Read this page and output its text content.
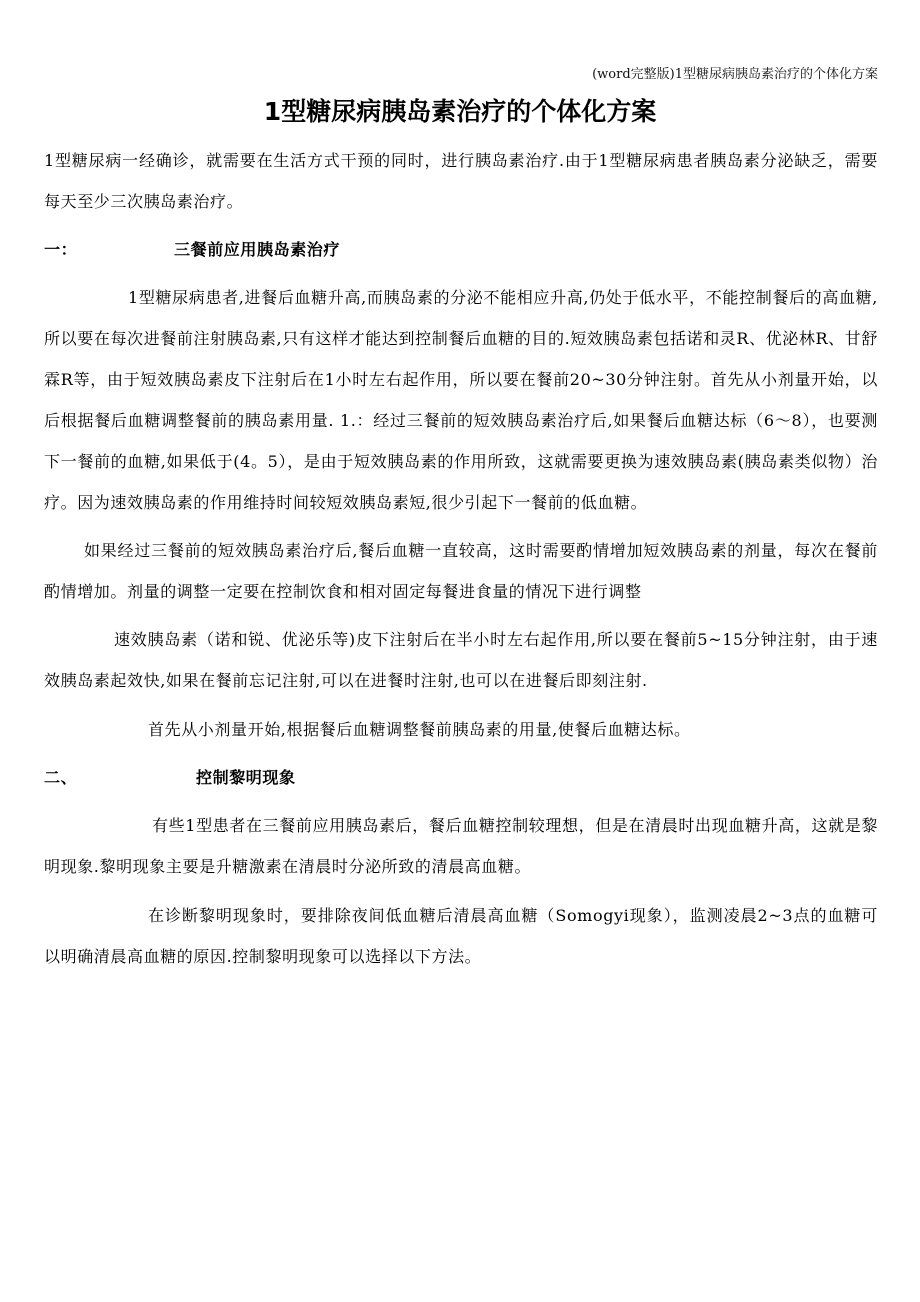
(word完整版)1型糖尿病胰岛素治疗的个体化方案
1型糖尿病胰岛素治疗的个体化方案

1型糖尿病一经确诊，就需要在生活方式干预的同时，进行胰岛素治疗.由于1型糖尿病患者胰岛素分泌缺乏，需要每天至少三次胰岛素治疗。

一：	三餐前应用胰岛素治疗

1型糖尿病患者,进餐后血糖升高,而胰岛素的分泌不能相应升高,仍处于低水平，不能控制餐后的高血糖,所以要在每次进餐前注射胰岛素,只有这样才能达到控制餐后血糖的目的.短效胰岛素包括诺和灵R、优泌林R、甘舒霖R等，由于短效胰岛素皮下注射后在1小时左右起作用，所以要在餐前20~30分钟注射。首先从小剂量开始，以后根据餐后血糖调整餐前的胰岛素用量. 1.：经过三餐前的短效胰岛素治疗后,如果餐后血糖达标（6～8），也要测下一餐前的血糖,如果低于(4。5），是由于短效胰岛素的作用所致，这就需要更换为速效胰岛素(胰岛素类似物）治疗。因为速效胰岛素的作用维持时间较短效胰岛素短,很少引起下一餐前的低血糖。

如果经过三餐前的短效胰岛素治疗后,餐后血糖一直较高，这时需要酌情增加短效胰岛素的剂量，每次在餐前酌情增加。剂量的调整一定要在控制饮食和相对固定每餐进食量的情况下进行调整

速效胰岛素（诺和锐、优泌乐等)皮下注射后在半小时左右起作用,所以要在餐前5~15分钟注射，由于速效胰岛素起效快,如果在餐前忘记注射,可以在进餐时注射,也可以在进餐后即刻注射.

首先从小剂量开始,根据餐后血糖调整餐前胰岛素的用量,使餐后血糖达标。

二、	控制黎明现象

有些1型患者在三餐前应用胰岛素后，餐后血糖控制较理想，但是在清晨时出现血糖升高，这就是黎明现象.黎明现象主要是升糖激素在清晨时分泌所致的清晨高血糖。

在诊断黎明现象时，要排除夜间低血糖后清晨高血糖（Somogyi现象），监测凌晨2~3点的血糖可以明确清晨高血糖的原因.控制黎明现象可以选择以下方法。
